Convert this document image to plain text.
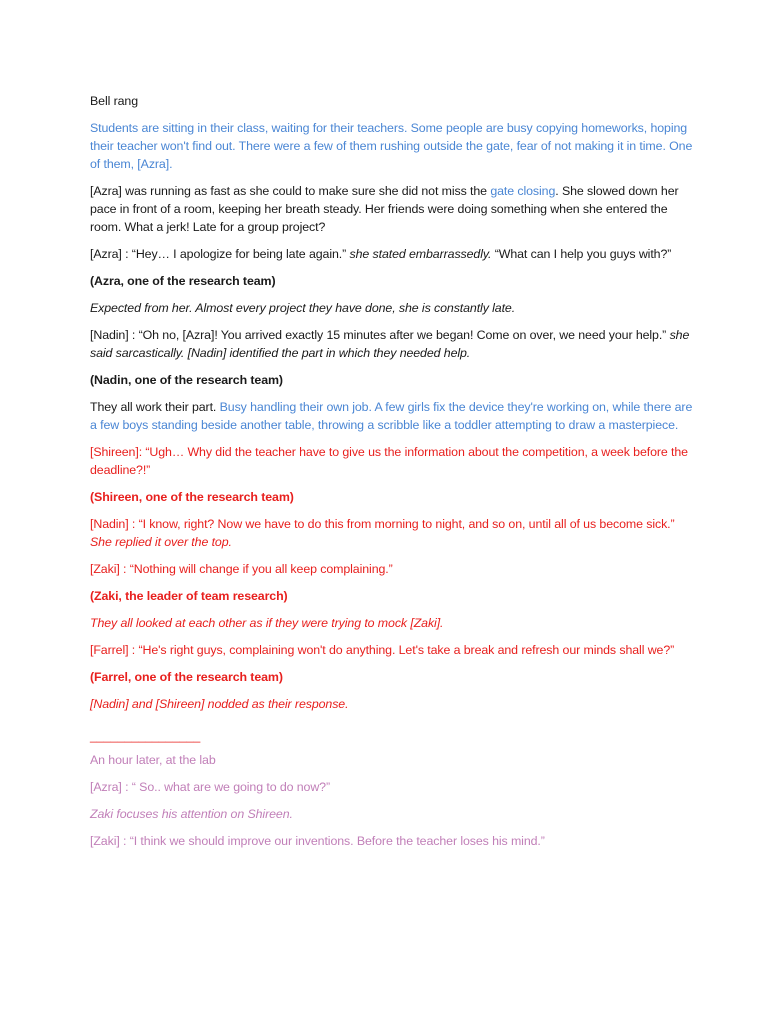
Bell rang

Students are sitting in their class, waiting for their teachers. Some people are busy copying homeworks, hoping their teacher won't find out. There were a few of them rushing outside the gate, fear of not making it in time. One of them, [Azra].

[Azra] was running as fast as she could to make sure she did not miss the gate closing. She slowed down her pace in front of a room, keeping her breath steady. Her friends were doing something when she entered the room. What a jerk! Late for a group project?

[Azra] : “Hey… I apologize for being late again.” she stated embarrassedly. “What can I help you guys with?”

(Azra, one of the research team)

Expected from her. Almost every project they have done, she is constantly late.

[Nadin] : “Oh no, [Azra]! You arrived exactly 15 minutes after we began! Come on over, we need your help.” she said sarcastically. [Nadin] identified the part in which they needed help.

(Nadin, one of the research team)

They all work their part. Busy handling their own job. A few girls fix the device they're working on, while there are a few boys standing beside another table, throwing a scribble like a toddler attempting to draw a masterpiece.

[Shireen]: “Ugh… Why did the teacher have to give us the information about the competition, a week before the deadline?!”

(Shireen, one of the research team)

[Nadin] : “I know, right? Now we have to do this from morning to night, and so on, until all of us become sick.” She replied it over the top.

[Zaki] : “Nothing will change if you all keep complaining.”

(Zaki, the leader of team research)

They all looked at each other as if they were trying to mock [Zaki].

[Farrel] : “He's right guys, complaining won't do anything. Let's take a break and refresh our minds shall we?”

(Farrel, one of the research team)

[Nadin] and [Shireen] nodded as their response.

________________

An hour later, at the lab

[Azra] : “ So.. what are we going to do now?”

Zaki focuses his attention on Shireen.

[Zaki] : “I think we should improve our inventions. Before the teacher loses his mind.”
